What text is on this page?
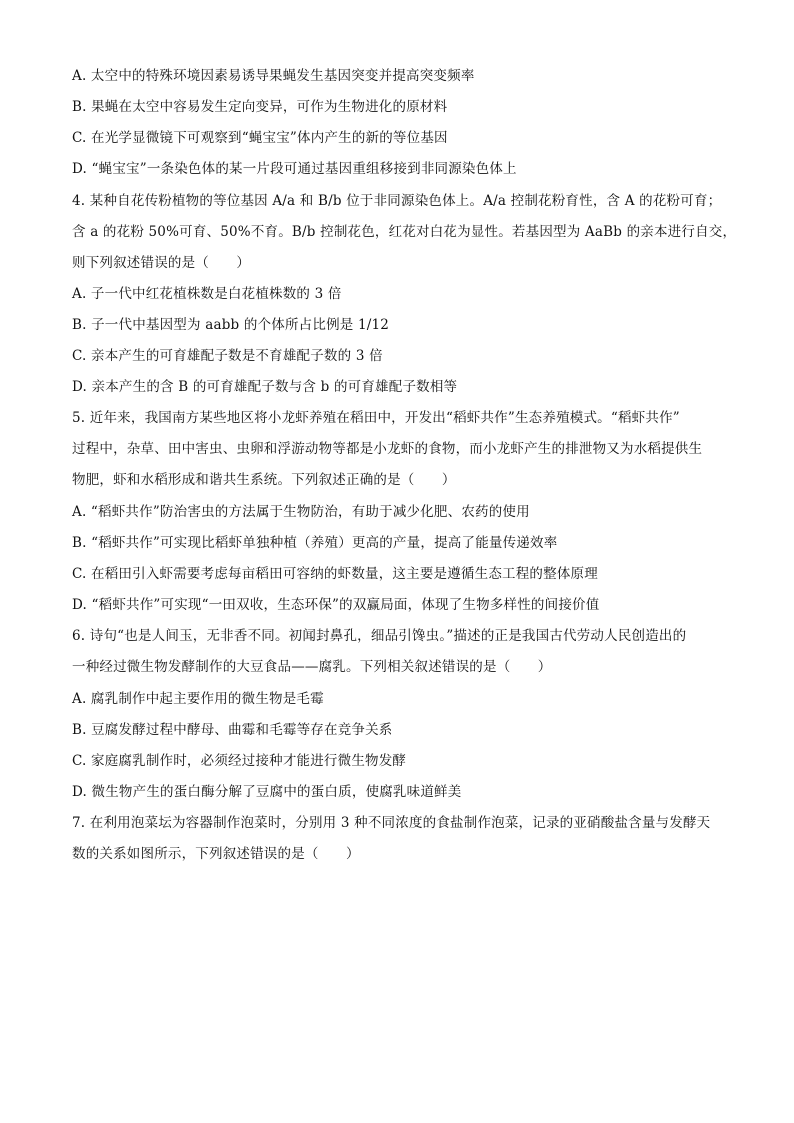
A. 太空中的特殊环境因素易诱导果蝇发生基因突变并提高突变频率
B. 果蝇在太空中容易发生定向变异，可作为生物进化的原材料
C. 在光学显微镜下可观察到“蝇宝宝”体内产生的新的等位基因
D. “蝇宝宝”一条染色体的某一片段可通过基因重组移接到非同源染色体上
4. 某种自花传粉植物的等位基因 A/a 和 B/b 位于非同源染色体上。A/a 控制花粉育性，含 A 的花粉可育；
含 a 的花粉 50%可育、50%不育。B/b 控制花色，红花对白花为显性。若基因型为 AaBb 的亲本进行自交，
则下列叙述错误的是（　　）
A. 子一代中红花植株数是白花植株数的 3 倍
B. 子一代中基因型为 aabb 的个体所占比例是 1/12
C. 亲本产生的可育雄配子数是不育雄配子数的 3 倍
D. 亲本产生的含 B 的可育雄配子数与含 b 的可育雄配子数相等
5. 近年来，我国南方某些地区将小龙虾养殖在稻田中，开发出“稻虾共作”生态养殖模式。“稻虾共作”
过程中，杂草、田中害虫、虫卵和浮游动物等都是小龙虾的食物，而小龙虾产生的排泄物又为水稻提供生
物肥，虾和水稻形成和谐共生系统。下列叙述正确的是（　　）
A. “稻虾共作”防治害虫的方法属于生物防治，有助于减少化肥、农药的使用
B. “稻虾共作”可实现比稻虾单独种植（养殖）更高的产量，提高了能量传递效率
C. 在稻田引入虾需要考虑每亩稻田可容纳的虾数量，这主要是遵循生态工程的整体原理
D. “稻虾共作”可实现“一田双收，生态环保”的双赢局面，体现了生物多样性的间接价值
6. 诗句“也是人间玉，无非香不同。初闻封鼻孔，细品引馋虫。”描述的正是我国古代劳动人民创造出的
一种经过微生物发酵制作的大豆食品——腐乳。下列相关叙述错误的是（　　）
A. 腐乳制作中起主要作用的微生物是毛霉
B. 豆腐发酵过程中酵母、曲霉和毛霉等存在竞争关系
C. 家庭腐乳制作时，必须经过接种才能进行微生物发酵
D. 微生物产生的蛋白酶分解了豆腐中的蛋白质，使腐乳味道鲜美
7. 在利用泡菜坛为容器制作泡菜时，分别用 3 种不同浓度的食盐制作泡菜，记录的亚硝酸盐含量与发酵天
数的关系如图所示，下列叙述错误的是（　　）
